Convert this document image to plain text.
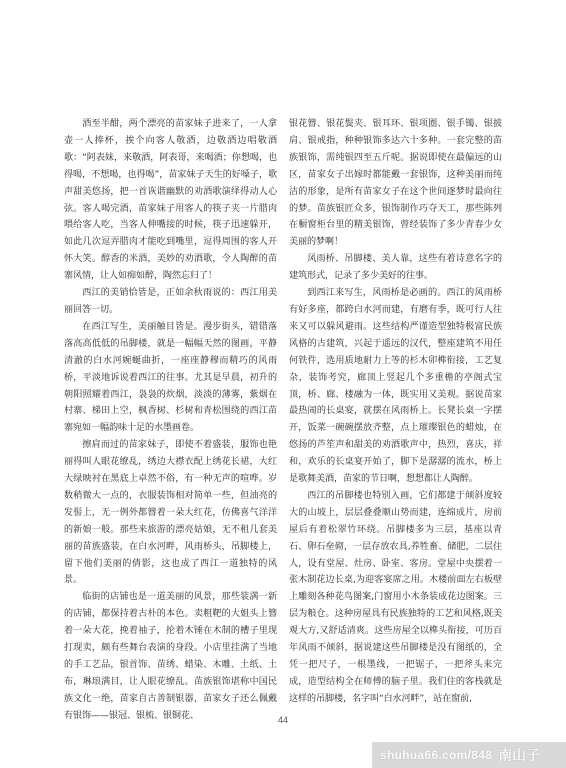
酒至半酣，两个漂亮的苗家妹子进来了，一人拿壶一人捧杯，挨个向客人敬酒，边敬酒边唱敬酒歌：“阿表妹，来敬酒，阿表哥，来喝酒；你想喝，也得喝，不想喝，也得喝”，苗家妹子天生的好嗓子，歌声甜美悠扬，把一首诙谐幽默的劝酒歌演绎得动人心弦。客人喝完酒，苗家妹子用客人的筷子夹一片腊肉喂给客人吃，当客人伸嘴接的时候，筷子迅速躲开，如此几次逗弄腊肉才能吃到嘴里，逗得周围的客人开怀大笑。醇香的米酒，美妙的劝酒歌，令人陶醉的苗寨风情，让人如痴如醉，陶然忘归了！

西江的美销恰皆是，正如余秋雨说的：西江用美丽回答一切。

在西江写生，美丽触目皆是。漫步街头，错错落落高高低低的吊脚楼，就是一幅幅天然的图画，平静清澈的白水河婉蜒曲折，一座座静穆而精巧的风雨桥，平淡地诉说着西江的往事。尤其是早晨，初升的朝阳照耀着西江，袅袅的炊烟，淡淡的薄雾，紫烟在村寨、梯田上空，枫香树、杉树和青松围绕的西江苗寨宛如一幅韵味十足的水墨画卷。

擦肩而过的苗家妹子，即使不着盛装，服饰也艳丽得叫人眼花缭乱，绣边大襟衣配上绣花长裙，大红大绿映衬在黑底上卓然不俗，有一种无声的喧哗。岁数稍微大一点的，衣服装饰相对简单一些，但油亮的发髻上，无一例外都簪着一朵大红花，仿佛喜气洋洋的新娘一般。那些来旅游的漂亮姑娘，无不租几套美丽的苗族盛装，在白水河畔，风雨桥头，吊脚楼上，留下他们美丽的倩影，这也成了西江一道独特的风景。

临街的店铺也是一道美丽的风景，那些装满一新的店铺，都保持着古朴的本色。卖粗靶的大姐头上簪着一朵大花，挽着袖子，抡着木锤在木制的槽子里现打现卖，颇有些舞台表演的身段。小店里挂满了当地的手工艺品，银首饰、苗绣、蜡染、木雕、土纸、土布，琳琅满目，让人眼花缭乱。苗族银饰堪称中国民族文化一绝，苗家自古善制银器，苗家女子还么佩戴有银饰——银冠、银梳、银铜花、

银花簪、银花鬓夹、银耳环、银项圈、银手镯、银披肩、银戒指，种种银饰多达六十多种。一套完整的苗族银饰，需纯银四至五斤呢。据说即使在最偏远的山区，苗家女子出嫁时都能戴一套银饰，这种美丽而纯洁的形象，是所有苗家女子在这个世间逐梦时最向往的梦。苗族银匠众多，银饰制作巧夺天工，那些陈列在橱窗柜台里的精美银饰，曾经装饰了多少青春少女美丽的梦啊！

风雨桥、吊脚楼、美人靠，这些有着诗意名字的建筑形式，记录了多少美好的往事。

到西江来写生，风雨桥是必画的。西江的风雨桥有好多座，都跨白水河而建，有磨有季，既可行人往来又可以躲风避雨。这些结构严谨造型独特极富民族风格的古建筑，兴起于遥远的汉代，整座建筑不用任何铁件，选用质地耐力上等的杉木卯榫衔接，工艺复杂，装饰考究，廊顶上竖起几个多重檐的亭阁式宝顶，桥、廊、楼融为一体，既实用又美观。据说苗家最热闹的长桌宴，就摆在风雨桥上。长凳长桌一字摆开，饭菜一碗碗摆放齐整，点上璀璨银色的蜡烛，在悠扬的芦笙声和甜美的劝酒歌声中，热烈，喜庆，祥和，欢乐的长桌宴开始了，脚下是潺潺的流水，桥上是歌舞美酒，苗家的节日啊，想想都让人陶醉。

西江的吊脚楼也特别入画，它们都建于倾斜度较大的山坡上，层层叠叠顺山势而建，连绵成片，房前屋后有着松翠竹环绕。吊脚楼多为三层，基座以青石、卵石垒砌，一层存放农具,养牲畜、储肥，二层住人，设有堂屋、灶房、卧室、客房。堂屋中央摆着一张木制花边长桌,为迎客宴席之用。木楼前面左右板壁上雕刻各种花鸟图案,门窗用小木条装成花边图案。三层为粮仓。这种房屋具有民族独特的工艺和风格,既美观大方,又舒适清爽。这些房屋全以榫头衔接，可历百年风雨不倾斜，据说建这些吊脚楼是没有图纸的，全凭一把尺子，一根墨线，一把锯子，一把斧头来完成，造型结构全在师傅的脑子里。我们住的客栈就是这样的吊脚楼，名字叫“白水河畔”，站在窗前,

44
shuhua66.com/848 南山子
